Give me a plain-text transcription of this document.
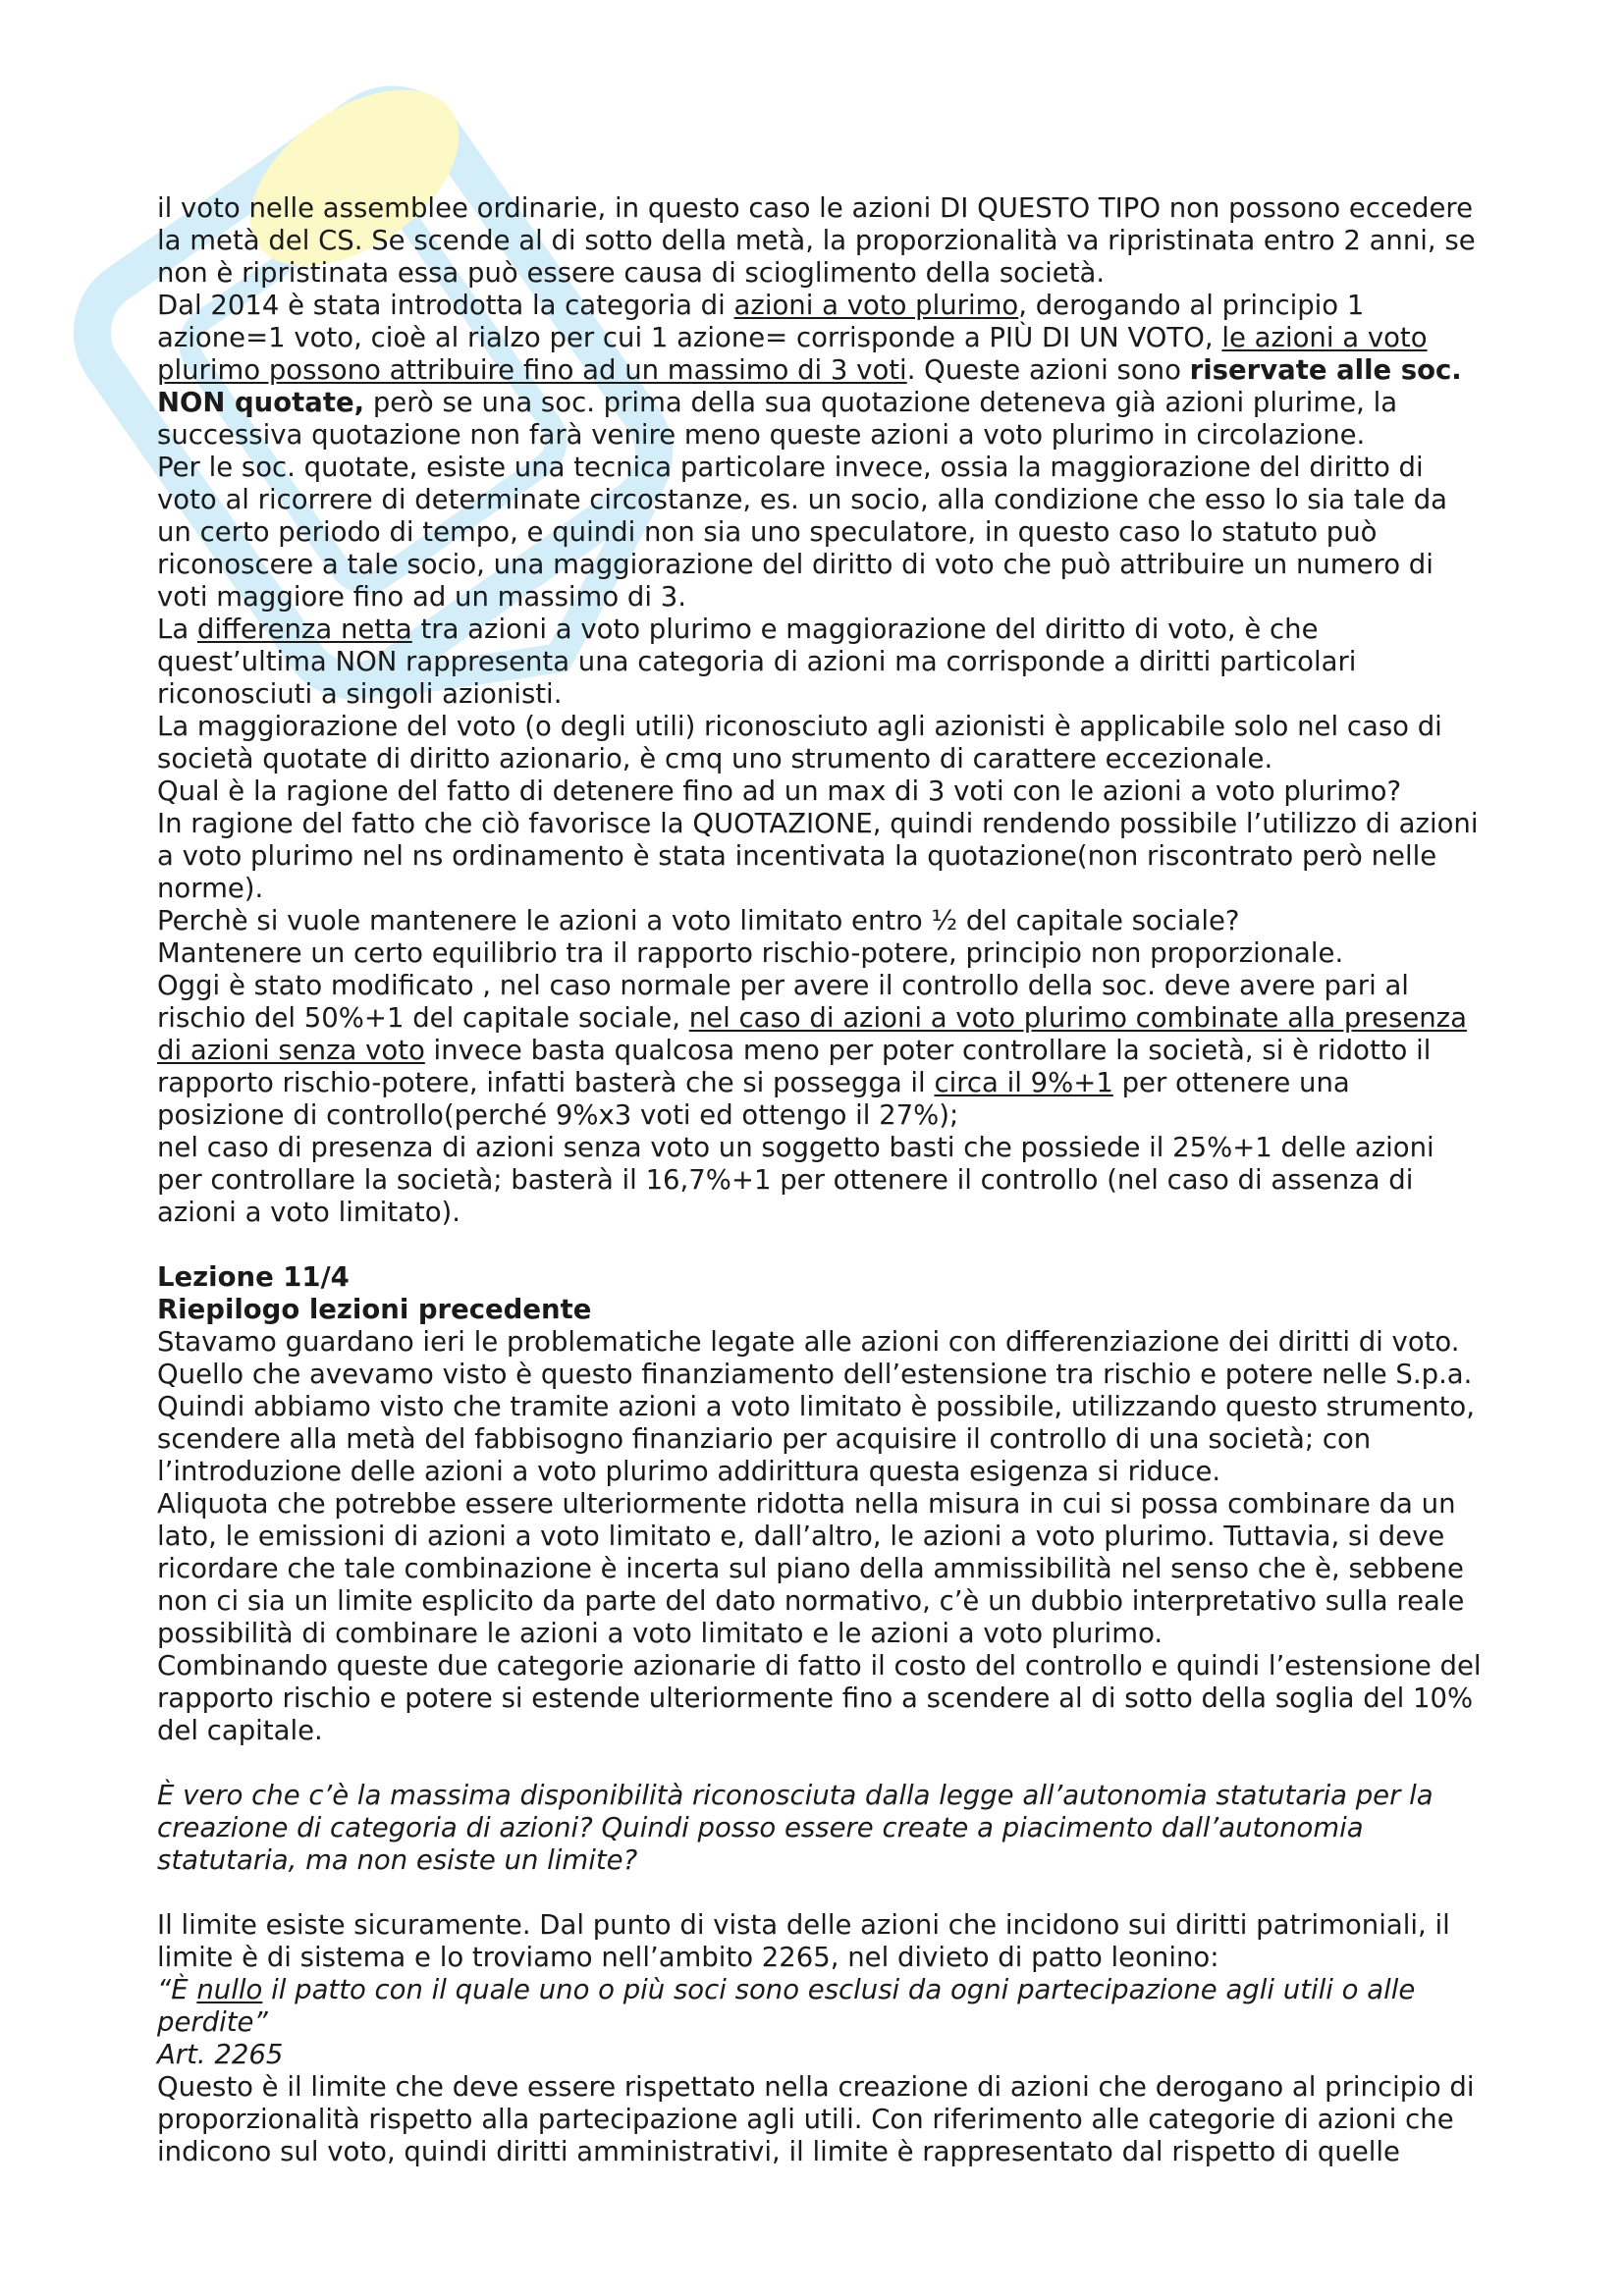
il voto nelle assemblee ordinarie, in questo caso le azioni DI QUESTO TIPO non possono eccedere la metà del CS. Se scende al di sotto della metà, la proporzionalità va ripristinata entro 2 anni, se non è ripristinata essa può essere causa di scioglimento della società.

Dal 2014 è stata introdotta la categoria di azioni a voto plurimo, derogando al principio 1 azione=1 voto, cioè al rialzo per cui 1 azione= corrisponde a PIÙ DI UN VOTO, le azioni a voto plurimo possono attribuire fino ad un massimo di 3 voti. Queste azioni sono riservate alle soc. NON quotate, però se una soc. prima della sua quotazione deteneva già azioni plurime, la successiva quotazione non farà venire meno queste azioni a voto plurimo in circolazione.

Per le soc. quotate, esiste una tecnica particolare invece, ossia la maggiorazione del diritto di voto al ricorrere di determinate circostanze, es. un socio, alla condizione che esso lo sia tale da un certo periodo di tempo, e quindi non sia uno speculatore, in questo caso lo statuto può riconoscere a tale socio, una maggiorazione del diritto di voto che può attribuire un numero di voti maggiore fino ad un massimo di 3.

La differenza netta tra azioni a voto plurimo e maggiorazione del diritto di voto, è che quest’ultima NON rappresenta una categoria di azioni ma corrisponde a diritti particolari riconosciuti a singoli azionisti.

La maggiorazione del voto (o degli utili) riconosciuto agli azionisti è applicabile solo nel caso di società quotate di diritto azionario, è cmq uno strumento di carattere eccezionale.

Qual è la ragione del fatto di detenere fino ad un max di 3 voti con le azioni a voto plurimo?

In ragione del fatto che ciò favorisce la QUOTAZIONE, quindi rendendo possibile l’utilizzo di azioni a voto plurimo nel ns ordinamento è stata incentivata la quotazione(non riscontrato però nelle norme).

Perchè si vuole mantenere le azioni a voto limitato entro ½ del capitale sociale?

Mantenere un certo equilibrio tra il rapporto rischio-potere, principio non proporzionale.

Oggi è stato modificato , nel caso normale per avere il controllo della soc. deve avere pari al rischio del 50%+1 del capitale sociale, nel caso di azioni a voto plurimo combinate alla presenza di azioni senza voto invece basta qualcosa meno per poter controllare la società, si è ridotto il rapporto rischio-potere, infatti basterà che si possegga il circa il 9%+1 per ottenere una posizione di controllo(perché 9%x3 voti ed ottengo il 27%);

nel caso di presenza di azioni senza voto un soggetto basti che possiede il 25%+1 delle azioni per controllare la società; basterà il 16,7%+1 per ottenere il controllo (nel caso di assenza di azioni a voto limitato).

Lezione 11/4

Riepilogo lezioni precedente

Stavamo guardano ieri le problematiche legate alle azioni con differenziazione dei diritti di voto. Quello che avevamo visto è questo finanziamento dell’estensione tra rischio e potere nelle S.p.a. Quindi abbiamo visto che tramite azioni a voto limitato è possibile, utilizzando questo strumento, scendere alla metà del fabbisogno finanziario per acquisire il controllo di una società; con l’introduzione delle azioni a voto plurimo addirittura questa esigenza si riduce.

Aliquota che potrebbe essere ulteriormente ridotta nella misura in cui si possa combinare da un lato, le emissioni di azioni a voto limitato e, dall’altro, le azioni a voto plurimo. Tuttavia, si deve ricordare che tale combinazione è incerta sul piano della ammissibilità nel senso che è, sebbene non ci sia un limite esplicito da parte del dato normativo, c’è un dubbio interpretativo sulla reale possibilità di combinare le azioni a voto limitato e le azioni a voto plurimo.

Combinando queste due categorie azionarie di fatto il costo del controllo e quindi l’estensione del rapporto rischio e potere si estende ulteriormente fino a scendere al di sotto della soglia del 10% del capitale.

È vero che c’è la massima disponibilità riconosciuta dalla legge all’autonomia statutaria per la creazione di categoria di azioni? Quindi posso essere create a piacimento dall’autonomia statutaria, ma non esiste un limite?

Il limite esiste sicuramente. Dal punto di vista delle azioni che incidono sui diritti patrimoniali, il limite è di sistema e lo troviamo nell’ambito 2265, nel divieto di patto leonino:

“È nullo il patto con il quale uno o più soci sono esclusi da ogni partecipazione agli utili o alle perdite”

Art. 2265

Questo è il limite che deve essere rispettato nella creazione di azioni che derogano al principio di proporzionalità rispetto alla partecipazione agli utili. Con riferimento alle categorie di azioni che indicono sul voto, quindi diritti amministrativi, il limite è rappresentato dal rispetto di quelle
